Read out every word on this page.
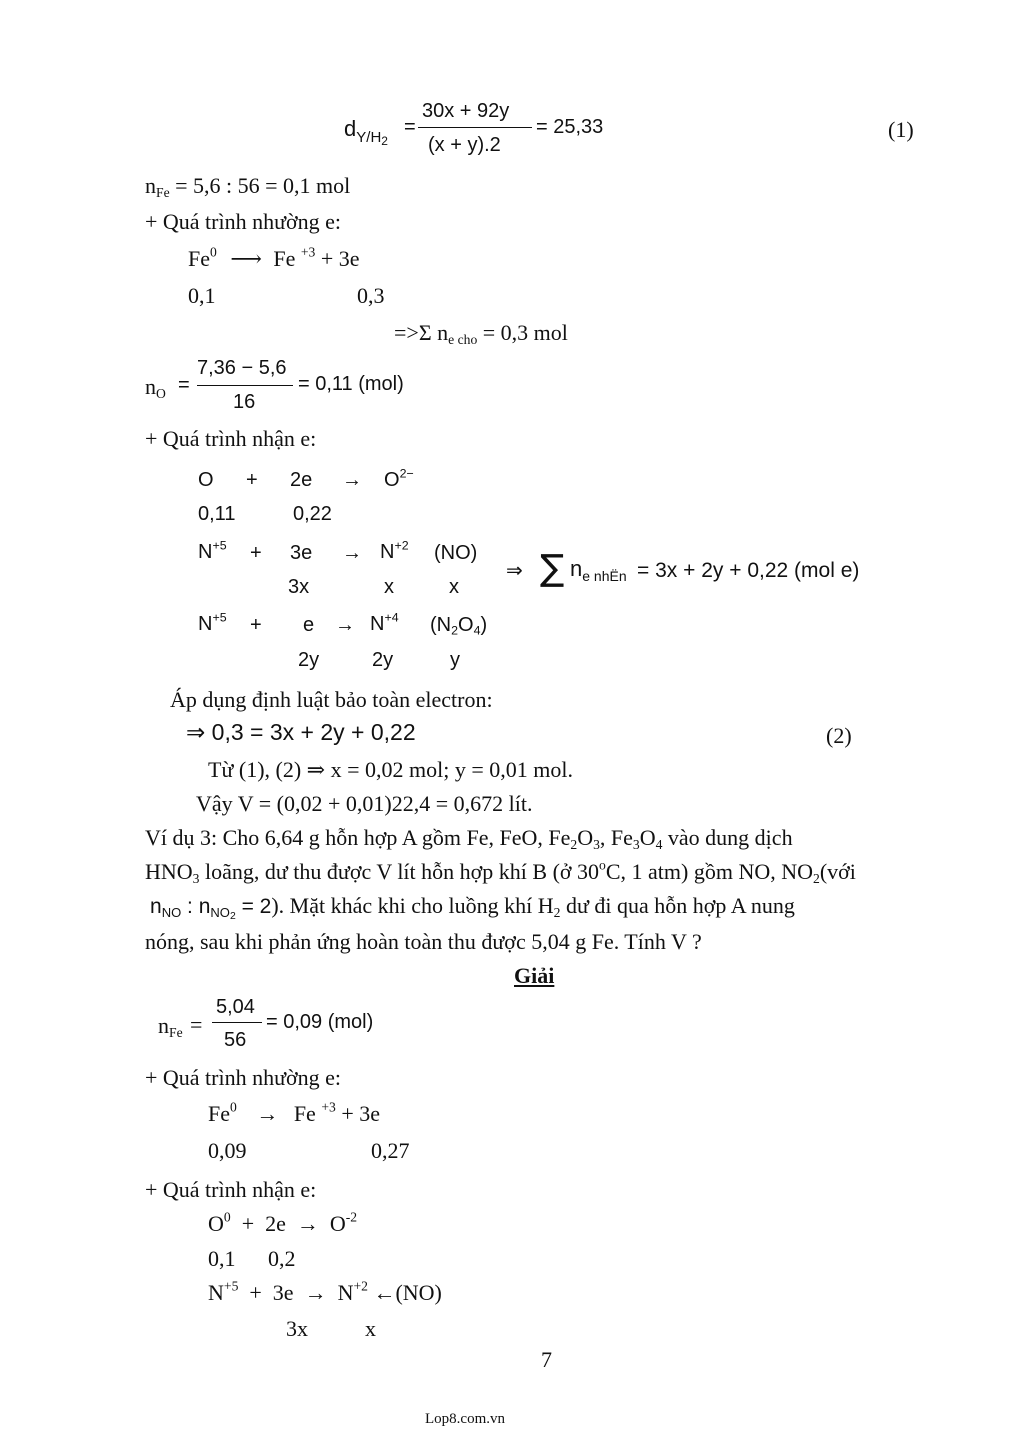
$d_{Y/H_2}$
=
30x + 92y
(x + y).2
= 25,33	(1)
$n_{Fe} = 5,6$ : 56 = 0,1 mol
+ Quá trình nhường e:
Fe$^0$ ⟶ Fe $^{+3}$ + 3e
0,1	0,3
=>Σ $n_{e cho} = 0,3$ mol
$n_O$ =
7,36 − 5,6
16
= 0,11 (mol)
+ Quá trình nhận e:
$O + 2e \to O^{2-}$
0,11	0,22
$N^{+5} + 3e \to N^{+2}$ (NO)
3x	x	x
⇒ ∑ $n_{e nhËn} = 3x + 2y + 0,22$ (mol e)
$N^{+5} + e \to N^{+4}$ $(N_2O_4)$
2y	2y	y
Áp dụng định luật bảo toàn electron:
⇒ 0,3 = 3x + 2y + 0,22	(2)
Từ (1), (2) ⇒ x = 0,02 mol; y = 0,01 mol.
Vậy V = (0,02 + 0,01)22,4 = 0,672 lít.
Ví dụ 3: Cho 6,64 g hỗn hợp A gồm Fe, FeO, $Fe_2O_3$, $Fe_3O_4$ vào dung dịch
$HNO_3$ loãng, dư thu được V lít hỗn hợp khí B (ở 30$^o$C, 1 atm) gồm NO, $NO_2(với$
$n_{NO}$ : $n_{NO2} = 2$). Mặt khác khi cho luồng khí $H_2$ dư đi qua hỗn hợp A nung
nóng, sau khi phản ứng hoàn toàn thu được 5,04 g Fe. Tính V ?
Giải
$n_{Fe}$ =
5,04
56
= 0,09 (mol)
+ Quá trình nhường e:
$Fe^0 \to Fe$ $^{+3}$ + 3e
0,09	0,27
+ Quá trình nhận e:
$O^0 + 2e \to O^{-2}$
0,1 0,2
$N^{+5} + 3e \to N^{+2}$ ←(NO)
3x	x
7
Lop8.com.vn
